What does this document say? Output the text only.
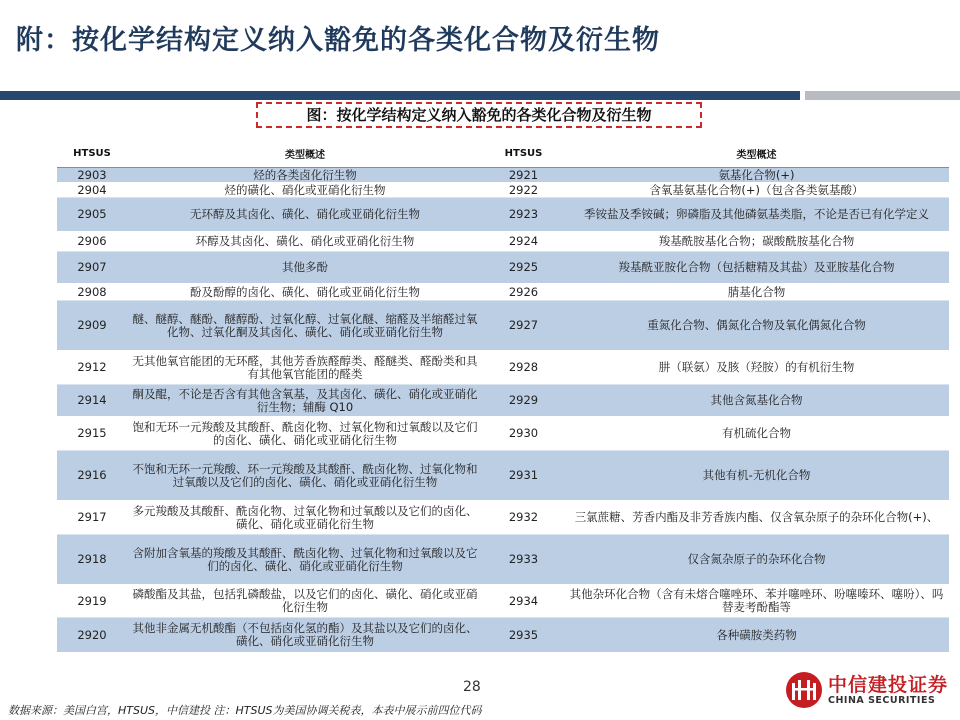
附：按化学结构定义纳入豁免的各类化合物及衍生物
图：按化学结构定义纳入豁免的各类化合物及衍生物
HTSUS	类型概述	HTSUS	类型概述
2903	烃的各类卤化衍生物	2921	氨基化合物(+)
2904	烃的磺化、硝化或亚硝化衍生物	2922	含氧基氨基化合物(+)（包含各类氨基酸）
2905	无环醇及其卤化、磺化、硝化或亚硝化衍生物	2923	季铵盐及季铵碱；卵磷脂及其他磷氨基类脂，不论是否已有化学定义
2906	环醇及其卤化、磺化、硝化或亚硝化衍生物	2924	羧基酰胺基化合物；碳酸酰胺基化合物
2907	其他多酚	2925	羧基酰亚胺化合物（包括糖精及其盐）及亚胺基化合物
2908	酚及酚醇的卤化、磺化、硝化或亚硝化衍生物	2926	腈基化合物
2909	醚、醚醇、醚酚、醚醇酚、过氧化醇、过氧化醚、缩醛及半缩醛过氧化物、过氧化酮及其卤化、磺化、硝化或亚硝化衍生物	2927	重氮化合物、偶氮化合物及氧化偶氮化合物
2912	无其他氧官能团的无环醛，其他芳香族醛醇类、醛醚类、醛酚类和具有其他氧官能团的醛类	2928	肼（联氨）及胲（羟胺）的有机衍生物
2914	酮及醌，不论是否含有其他含氧基，及其卤化、磺化、硝化或亚硝化衍生物；辅酶 Q10	2929	其他含氮基化合物
2915	饱和无环一元羧酸及其酸酐、酰卤化物、过氧化物和过氧酸以及它们的卤化、磺化、硝化或亚硝化衍生物	2930	有机硫化合物
2916	不饱和无环一元羧酸、环一元羧酸及其酸酐、酰卤化物、过氧化物和过氧酸以及它们的卤化、磺化、硝化或亚硝化衍生物	2931	其他有机-无机化合物
2917	多元羧酸及其酸酐、酰卤化物、过氧化物和过氧酸以及它们的卤化、磺化、硝化或亚硝化衍生物	2932	三氯蔗糖、芳香内酯及非芳香族内酯、仅含氧杂原子的杂环化合物(+)、
2918	含附加含氧基的羧酸及其酸酐、酰卤化物、过氧化物和过氧酸以及它们的卤化、磺化、硝化或亚硝化衍生物	2933	仅含氮杂原子的杂环化合物
2919	磷酸酯及其盐，包括乳磷酸盐，以及它们的卤化、磺化、硝化或亚硝化衍生物	2934	其他杂环化合物（含有未熔合噻唑环、苯并噻唑环、吩噻嗪环、噻吩）、吗替麦考酚酯等
2920	其他非金属无机酸酯（不包括卤化氢的酯）及其盐以及它们的卤化、磺化、硝化或亚硝化衍生物	2935	各种磺胺类药物
28
数据来源：美国白宫，HTSUS，中信建投 注：HTSUS为美国协调关税表，本表中展示前四位代码
中信建投证券
CHINA SECURITIES
